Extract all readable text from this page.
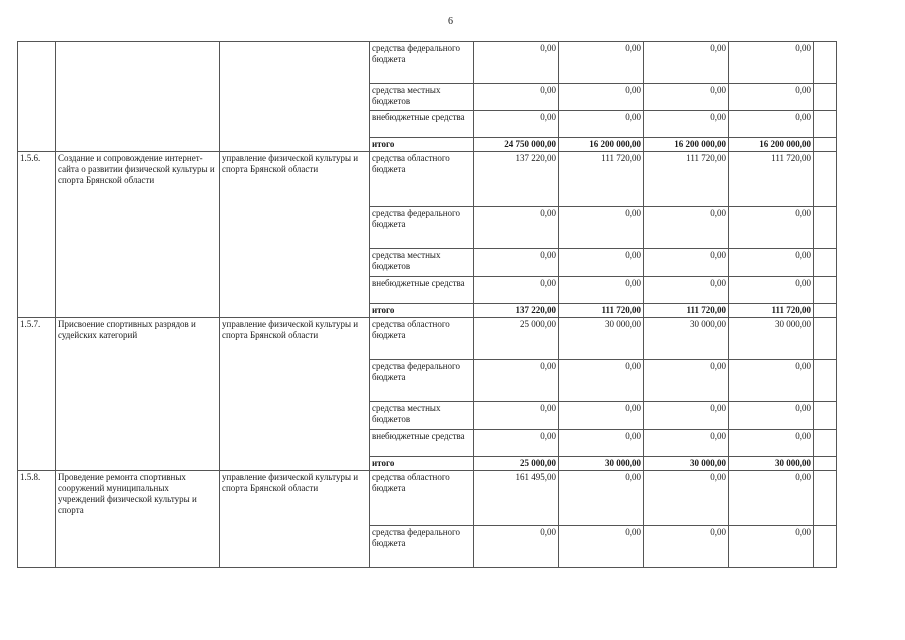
6
			средства федерального бюджета	0,00	0,00	0,00	0,00	
			средства местных бюджетов	0,00	0,00	0,00	0,00	
			внебюджетные средства	0,00	0,00	0,00	0,00	
			итого	24 750 000,00	16 200 000,00	16 200 000,00	16 200 000,00	
1.5.6.	Создание и сопровождение интернет-сайта о развитии физической культуры и спорта Брянской области	управление физической культуры и спорта Брянской области	средства областного бюджета	137 220,00	111 720,00	111 720,00	111 720,00	
			средства федерального бюджета	0,00	0,00	0,00	0,00	
			средства местных бюджетов	0,00	0,00	0,00	0,00	
			внебюджетные средства	0,00	0,00	0,00	0,00	
			итого	137 220,00	111 720,00	111 720,00	111 720,00	
1.5.7.	Присвоение спортивных разрядов и судейских категорий	управление физической культуры и спорта Брянской области	средства областного бюджета	25 000,00	30 000,00	30 000,00	30 000,00	
			средства федерального бюджета	0,00	0,00	0,00	0,00	
			средства местных бюджетов	0,00	0,00	0,00	0,00	
			внебюджетные средства	0,00	0,00	0,00	0,00	
			итого	25 000,00	30 000,00	30 000,00	30 000,00	
1.5.8.	Проведение ремонта спортивных сооружений муниципальных учреждений физической культуры и спорта	управление физической культуры и спорта Брянской области	средства областного бюджета	161 495,00	0,00	0,00	0,00	
			средства федерального бюджета	0,00	0,00	0,00	0,00	
